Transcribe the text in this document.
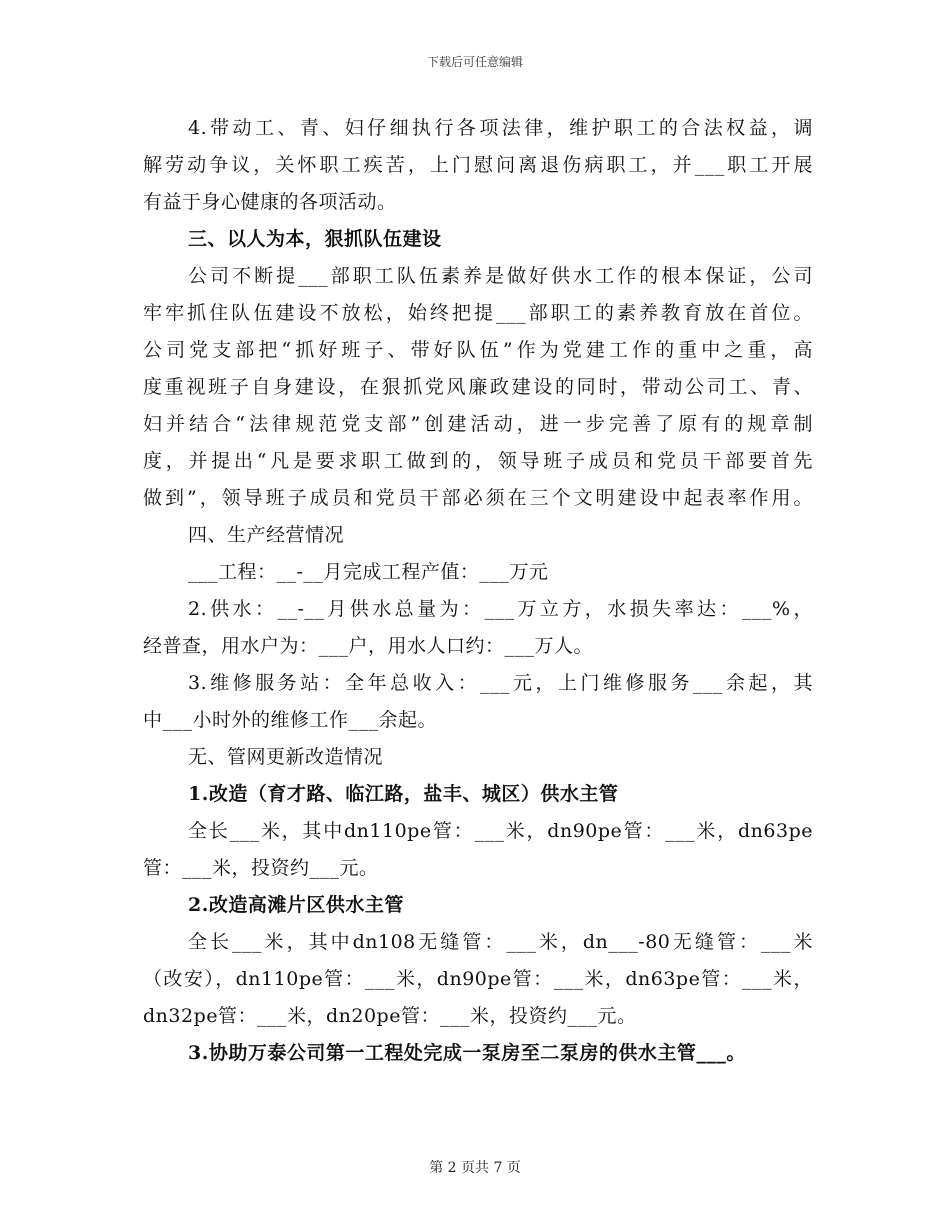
下载后可任意编辑
4.带动工、青、妇仔细执行各项法律，维护职工的合法权益，调
解劳动争议，关怀职工疾苦，上门慰问离退伤病职工，并___职工开展
有益于身心健康的各项活动。
三、以人为本，狠抓队伍建设
公司不断提___部职工队伍素养是做好供水工作的根本保证，公司
牢牢抓住队伍建设不放松，始终把提___部职工的素养教育放在首位。
公司党支部把“抓好班子、带好队伍”作为党建工作的重中之重，高
度重视班子自身建设，在狠抓党风廉政建设的同时，带动公司工、青、
妇并结合“法律规范党支部”创建活动，进一步完善了原有的规章制
度，并提出“凡是要求职工做到的，领导班子成员和党员干部要首先
做到”，领导班子成员和党员干部必须在三个文明建设中起表率作用。
四、生产经营情况
___工程：__-__月完成工程产值：___万元
2.供水：__-__月供水总量为：___万立方，水损失率达：___%，
经普查，用水户为：___户，用水人口约：___万人。
3.维修服务站：全年总收入：___元，上门维修服务___余起，其
中___小时外的维修工作___余起。
无、管网更新改造情况
1.改造（育才路、临江路，盐丰、城区）供水主管
全长___米，其中dn110pe管：___米，dn90pe管：___米，dn63pe
管：___米，投资约___元。
2.改造高滩片区供水主管
全长___米，其中dn108无缝管：___米，dn___-80无缝管：___米
（改安），dn110pe管：___米，dn90pe管：___米，dn63pe管：___米，
dn32pe管：___米，dn20pe管：___米，投资约___元。
3.协助万泰公司第一工程处完成一泵房至二泵房的供水主管___。
第 2 页共 7 页
